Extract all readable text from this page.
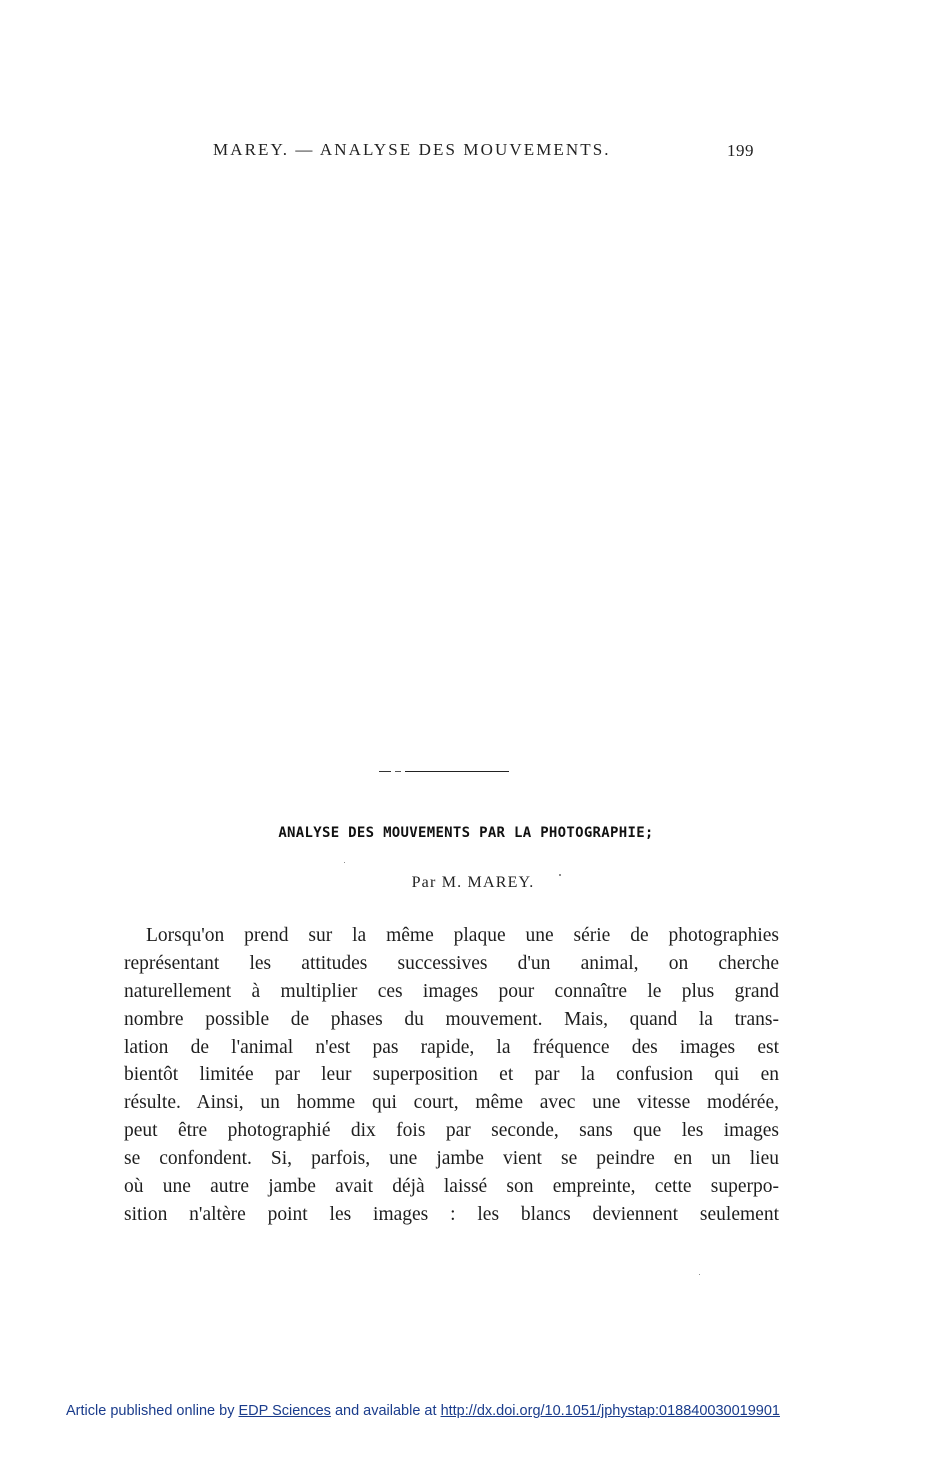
MAREY. — ANALYSE DES MOUVEMENTS.	199
ANALYSE DES MOUVEMENTS PAR LA PHOTOGRAPHIE;
Par M. MAREY.
Lorsqu'on prend sur la même plaque une série de photographies
représentant les attitudes successives d'un animal, on cherche
naturellement à multiplier ces images pour connaître le plus grand
nombre possible de phases du mouvement. Mais, quand la trans-
lation de l'animal n'est pas rapide, la fréquence des images est
bientôt limitée par leur superposition et par la confusion qui en
résulte. Ainsi, un homme qui court, même avec une vitesse modérée,
peut être photographié dix fois par seconde, sans que les images
se confondent. Si, parfois, une jambe vient se peindre en un lieu
où une autre jambe avait déjà laissé son empreinte, cette superpo-
sition n'altère point les images : les blancs deviennent seulement
Article published online by EDP Sciences and available at http://dx.doi.org/10.1051/jphystap:018840030019901
